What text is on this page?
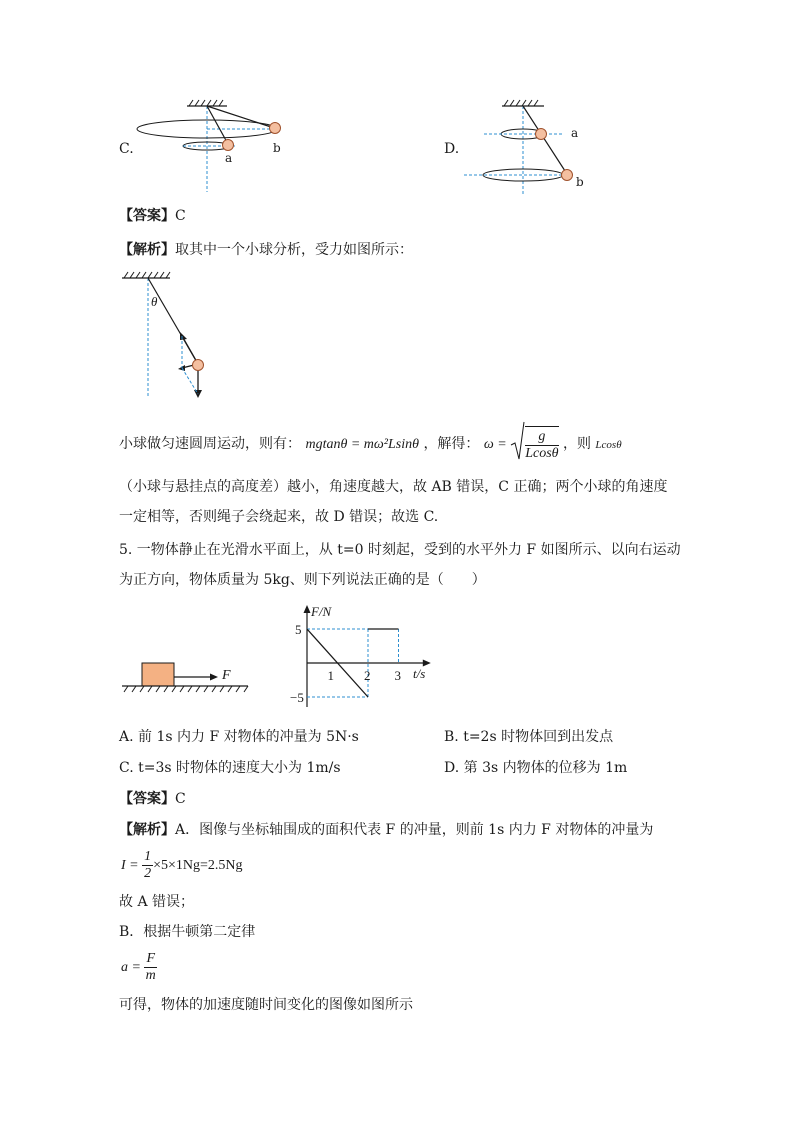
C.
a
b	D.
a
b
【答案】C
【解析】取其中一个小球分析，受力如图所示：
θ
小球做匀速圆周运动，则有： mgtanθ = mω²Lsinθ ，解得： $\omega = \frac{g}{Lcos\theta}$ ，则 Lcosθ
（小球与悬挂点的高度差）越小，角速度越大，故 AB 错误，C 正确；两个小球的角速度
一定相等，否则绳子会绕起来，故 D 错误；故选 C.
5. 一物体静止在光滑水平面上，从 t=0 时刻起，受到的水平外力 F 如图所示、以向右运动
为正方向，物体质量为 5kg、则下列说法正确的是（　　）
F	1 2 3
5
−5
F/N
t/s
A. 前 1s 内力 F 对物体的冲量为 5N·s	B. t=2s 时物体回到出发点
C. t=3s 时物体的速度大小为 1m/s	D. 第 3s 内物体的位移为 1m
【答案】C
【解析】A．图像与坐标轴围成的面积代表 F 的冲量，则前 1s 内力 F 对物体的冲量为
$I = \frac{1}{2} \times 5\times 1Ng=2.5Ng$
故 A 错误；
B．根据牛顿第二定律
$a = \frac{F}{m}$
可得，物体的加速度随时间变化的图像如图所示
